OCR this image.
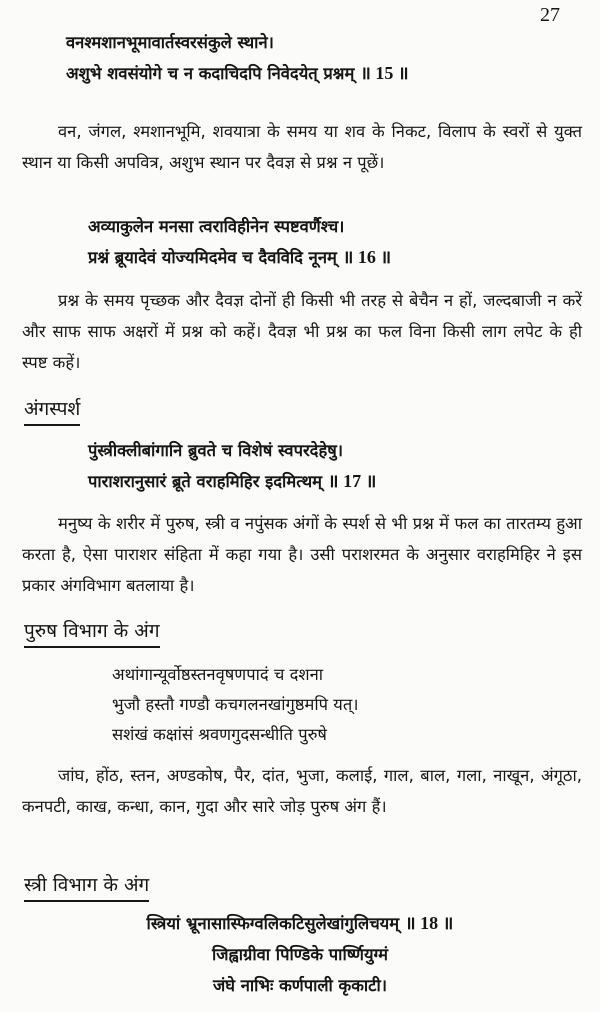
27
वनश्मशानभूमावार्तस्वरसंकुले स्थाने।
अशुभे शवसंयोगे च न कदाचिदपि निवेदयेत् प्रश्नम् ॥ 15 ॥
वन, जंगल, श्मशानभूमि, शवयात्रा के समय या शव के निकट, विलाप के स्वरों से युक्त स्थान या किसी अपवित्र, अशुभ स्थान पर दैवज्ञ से प्रश्न न पूछें।
अव्याकुलेन मनसा त्वराविहीनेन स्पष्टवर्णैश्च।
प्रश्नं ब्रूयादेवं योज्यमिदमेव च दैवविदि नूनम् ॥ 16 ॥
प्रश्न के समय पृच्छक और दैवज्ञ दोनों ही किसी भी तरह से बेचैन न हों, जल्दबाजी न करें और साफ साफ अक्षरों में प्रश्न को कहें। दैवज्ञ भी प्रश्न का फल विना किसी लाग लपेट के ही स्पष्ट कहें।
अंगस्पर्श
पुंस्त्रीक्लीबांगानि ब्रुवते च विशेषं स्वपरदेहेषु।
पाराशरानुसारं ब्रूते वराहमिहिर इदमित्थम् ॥ 17 ॥
मनुष्य के शरीर में पुरुष, स्त्री व नपुंसक अंगों के स्पर्श से भी प्रश्न में फल का तारतम्य हुआ करता है, ऐसा पाराशर संहिता में कहा गया है। उसी पराशरमत के अनुसार वराहमिहिर ने इस प्रकार अंगविभाग बतलाया है।
पुरुष विभाग के अंग
अथांगान्यूर्वोष्ठस्तनवृषणपादं च दशना
भुजौ हस्तौ गण्डौ कचगलनखांगुष्ठमपि यत्।
सशंखं कक्षांसं श्रवणगुदसन्धीति पुरुषे
जांघ, होंठ, स्तन, अण्डकोष, पैर, दांत, भुजा, कलाई, गाल, बाल, गला, नाखून, अंगूठा, कनपटी, काख, कन्धा, कान, गुदा और सारे जोड़ पुरुष अंग हैं।
स्त्री विभाग के अंग
स्त्रियां भ्रूनासास्फिग्वलिकटिसुलेखांगुलिचयम् ॥ 18 ॥
जिह्वाग्रीवा पिण्डिके पार्ष्णियुग्मं
जंघे नाभिः कर्णपाली कृकाटी।
